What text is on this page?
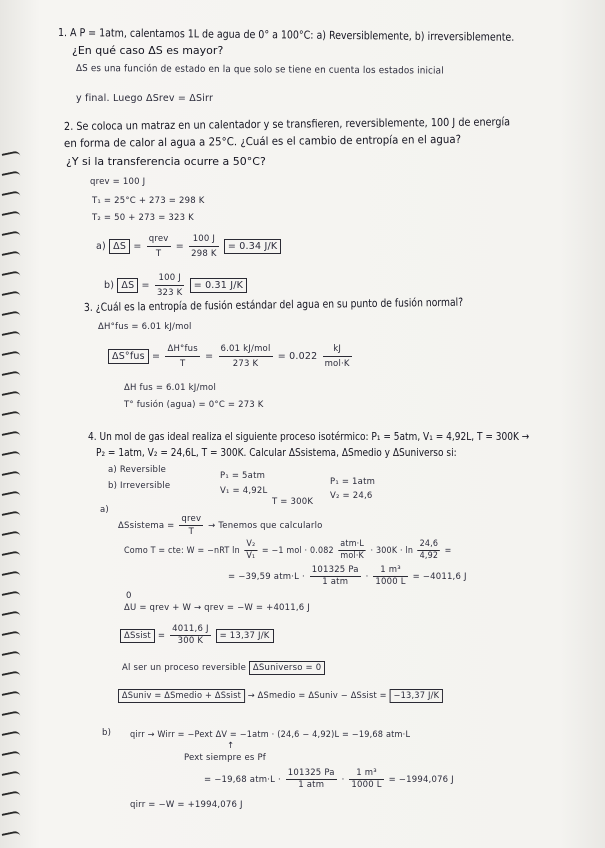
1. A P = 1atm, calentamos 1L de agua de 0° a 100°C: a) Reversiblemente, b) irreversiblemente.
¿En qué caso ΔS es mayor?
ΔS es una función de estado en la que solo se tiene en cuenta los estados inicial
y final. Luego ΔSrev = ΔSirr
2. Se coloca un matraz en un calentador y se transfieren, reversiblemente, 100 J de energía
en forma de calor al agua a 25°C. ¿Cuál es el cambio de entropía en el agua?
¿Y si la transferencia ocurre a 50°C?
qrev = 100 J
T₁ = 25°C + 273 = 298 K
T₂ = 50 + 273 = 323 K
a) $\Delta S = \frac{\text{qrev}}{T} = \frac{100 J}{298 K} = 0.34$ J/K
b) $\Delta S = \frac{100 J}{323 K} = 0.31$ J/K
3. ¿Cuál es la entropía de fusión estándar del agua en su punto de fusión normal?
ΔH°fus = 6.01 kJ/mol
$\Delta S^\circ fus = \frac{\text{ΔH°fus}}{T} = \frac{\text{6.01 kJ/mol}}{273 K} = 0.022 \frac{kJ}{\text{mol·K}}$
ΔH fus = 6.01 kJ/mol
T° fusión (agua) = 0°C = 273 K
4. Un mol de gas ideal realiza el siguiente proceso isotérmico: P₁ = 5atm, V₁ = 4,92L, T = 300K →
P₂ = 1atm, V₂ = 24,6L, T = 300K. Calcular ΔSsistema, ΔSmedio y ΔSuniverso si:
a) Reversible
b) Irreversible
P₁ = 5atm
V₁ = 4,92L
T = 300K
P₁ = 1atm
V₂ = 24,6
a)
ΔSsistema = $\frac{\text{qrev}}{T}$ → Tenemos que calcularlo
Como T = cte: W = −nRT $\ln \frac{\text{V₂}}{\text{V₁}} = -1$ mol · $0.082 \frac{\text{atm·L}}{\text{mol·K}} \cdot 300K \cdot \ln \frac{24,6}{4,92}$ =
= −39,59 $atm\cdot L \cdot \frac{101325 Pa}{\text{1 atm}} \cdot \frac{\text{1 m³}}{1000 L} = -4011,6$ J
0
ΔU = qrev + W → qrev = −W = +4011,6 J
ΔSsist = $\frac{4011,6 J}{300 K} = 13,37$ J/K
Al ser un proceso reversible ΔSuniverso = 0
ΔSuniv = ΔSmedio + ΔSsist → ΔSmedio = ΔSuniv − ΔSsist = −13,37 J/K
b) qirr → Wirr = −Pext ΔV = −1atm · (24,6 − 4,92)L = −19,68 atm·L
↑
Pext siempre es Pf
= −19,68 $atm\cdot L \cdot \frac{101325 Pa}{\text{1 atm}} \cdot \frac{\text{1 m³}}{1000 L} = -1994,076$ J
qirr = −W = +1994,076 J
